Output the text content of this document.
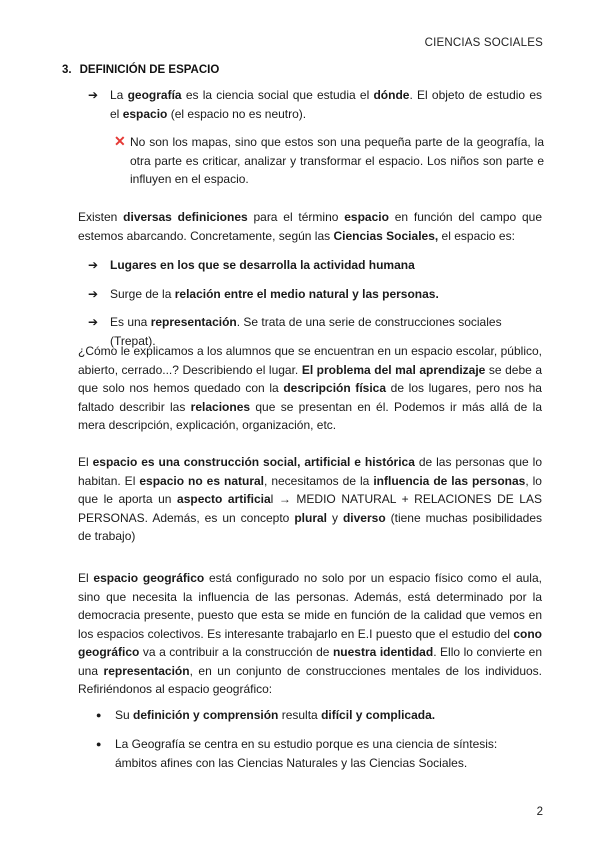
CIENCIAS SOCIALES
3. DEFINICIÓN DE ESPACIO
➔ La geografía es la ciencia social que estudia el dónde. El objeto de estudio es el espacio (el espacio no es neutro).
✕ No son los mapas, sino que estos son una pequeña parte de la geografía, la otra parte es criticar, analizar y transformar el espacio. Los niños son parte e influyen en el espacio.
Existen diversas definiciones para el término espacio en función del campo que estemos abarcando. Concretamente, según las Ciencias Sociales, el espacio es:
➔ Lugares en los que se desarrolla la actividad humana
➔ Surge de la relación entre el medio natural y las personas.
➔ Es una representación. Se trata de una serie de construcciones sociales (Trepat).
¿Cómo le explicamos a los alumnos que se encuentran en un espacio escolar, público, abierto, cerrado...? Describiendo el lugar. El problema del mal aprendizaje se debe a que solo nos hemos quedado con la descripción física de los lugares, pero nos ha faltado describir las relaciones que se presentan en él. Podemos ir más allá de la mera descripción, explicación, organización, etc.
El espacio es una construcción social, artificial e histórica de las personas que lo habitan. El espacio no es natural, necesitamos de la influencia de las personas, lo que le aporta un aspecto artificial → MEDIO NATURAL + RELACIONES DE LAS PERSONAS. Además, es un concepto plural y diverso (tiene muchas posibilidades de trabajo)
El espacio geográfico está configurado no solo por un espacio físico como el aula, sino que necesita la influencia de las personas. Además, está determinado por la democracia presente, puesto que esta se mide en función de la calidad que vemos en los espacios colectivos. Es interesante trabajarlo en E.I puesto que el estudio del cono geográfico va a contribuir a la construcción de nuestra identidad. Ello lo convierte en una representación, en un conjunto de construcciones mentales de los individuos. Refiriéndonos al espacio geográfico:
●	Su definición y comprensión resulta difícil y complicada.
●	La Geografía se centra en su estudio porque es una ciencia de síntesis: ámbitos afines con las Ciencias Naturales y las Ciencias Sociales.
2
